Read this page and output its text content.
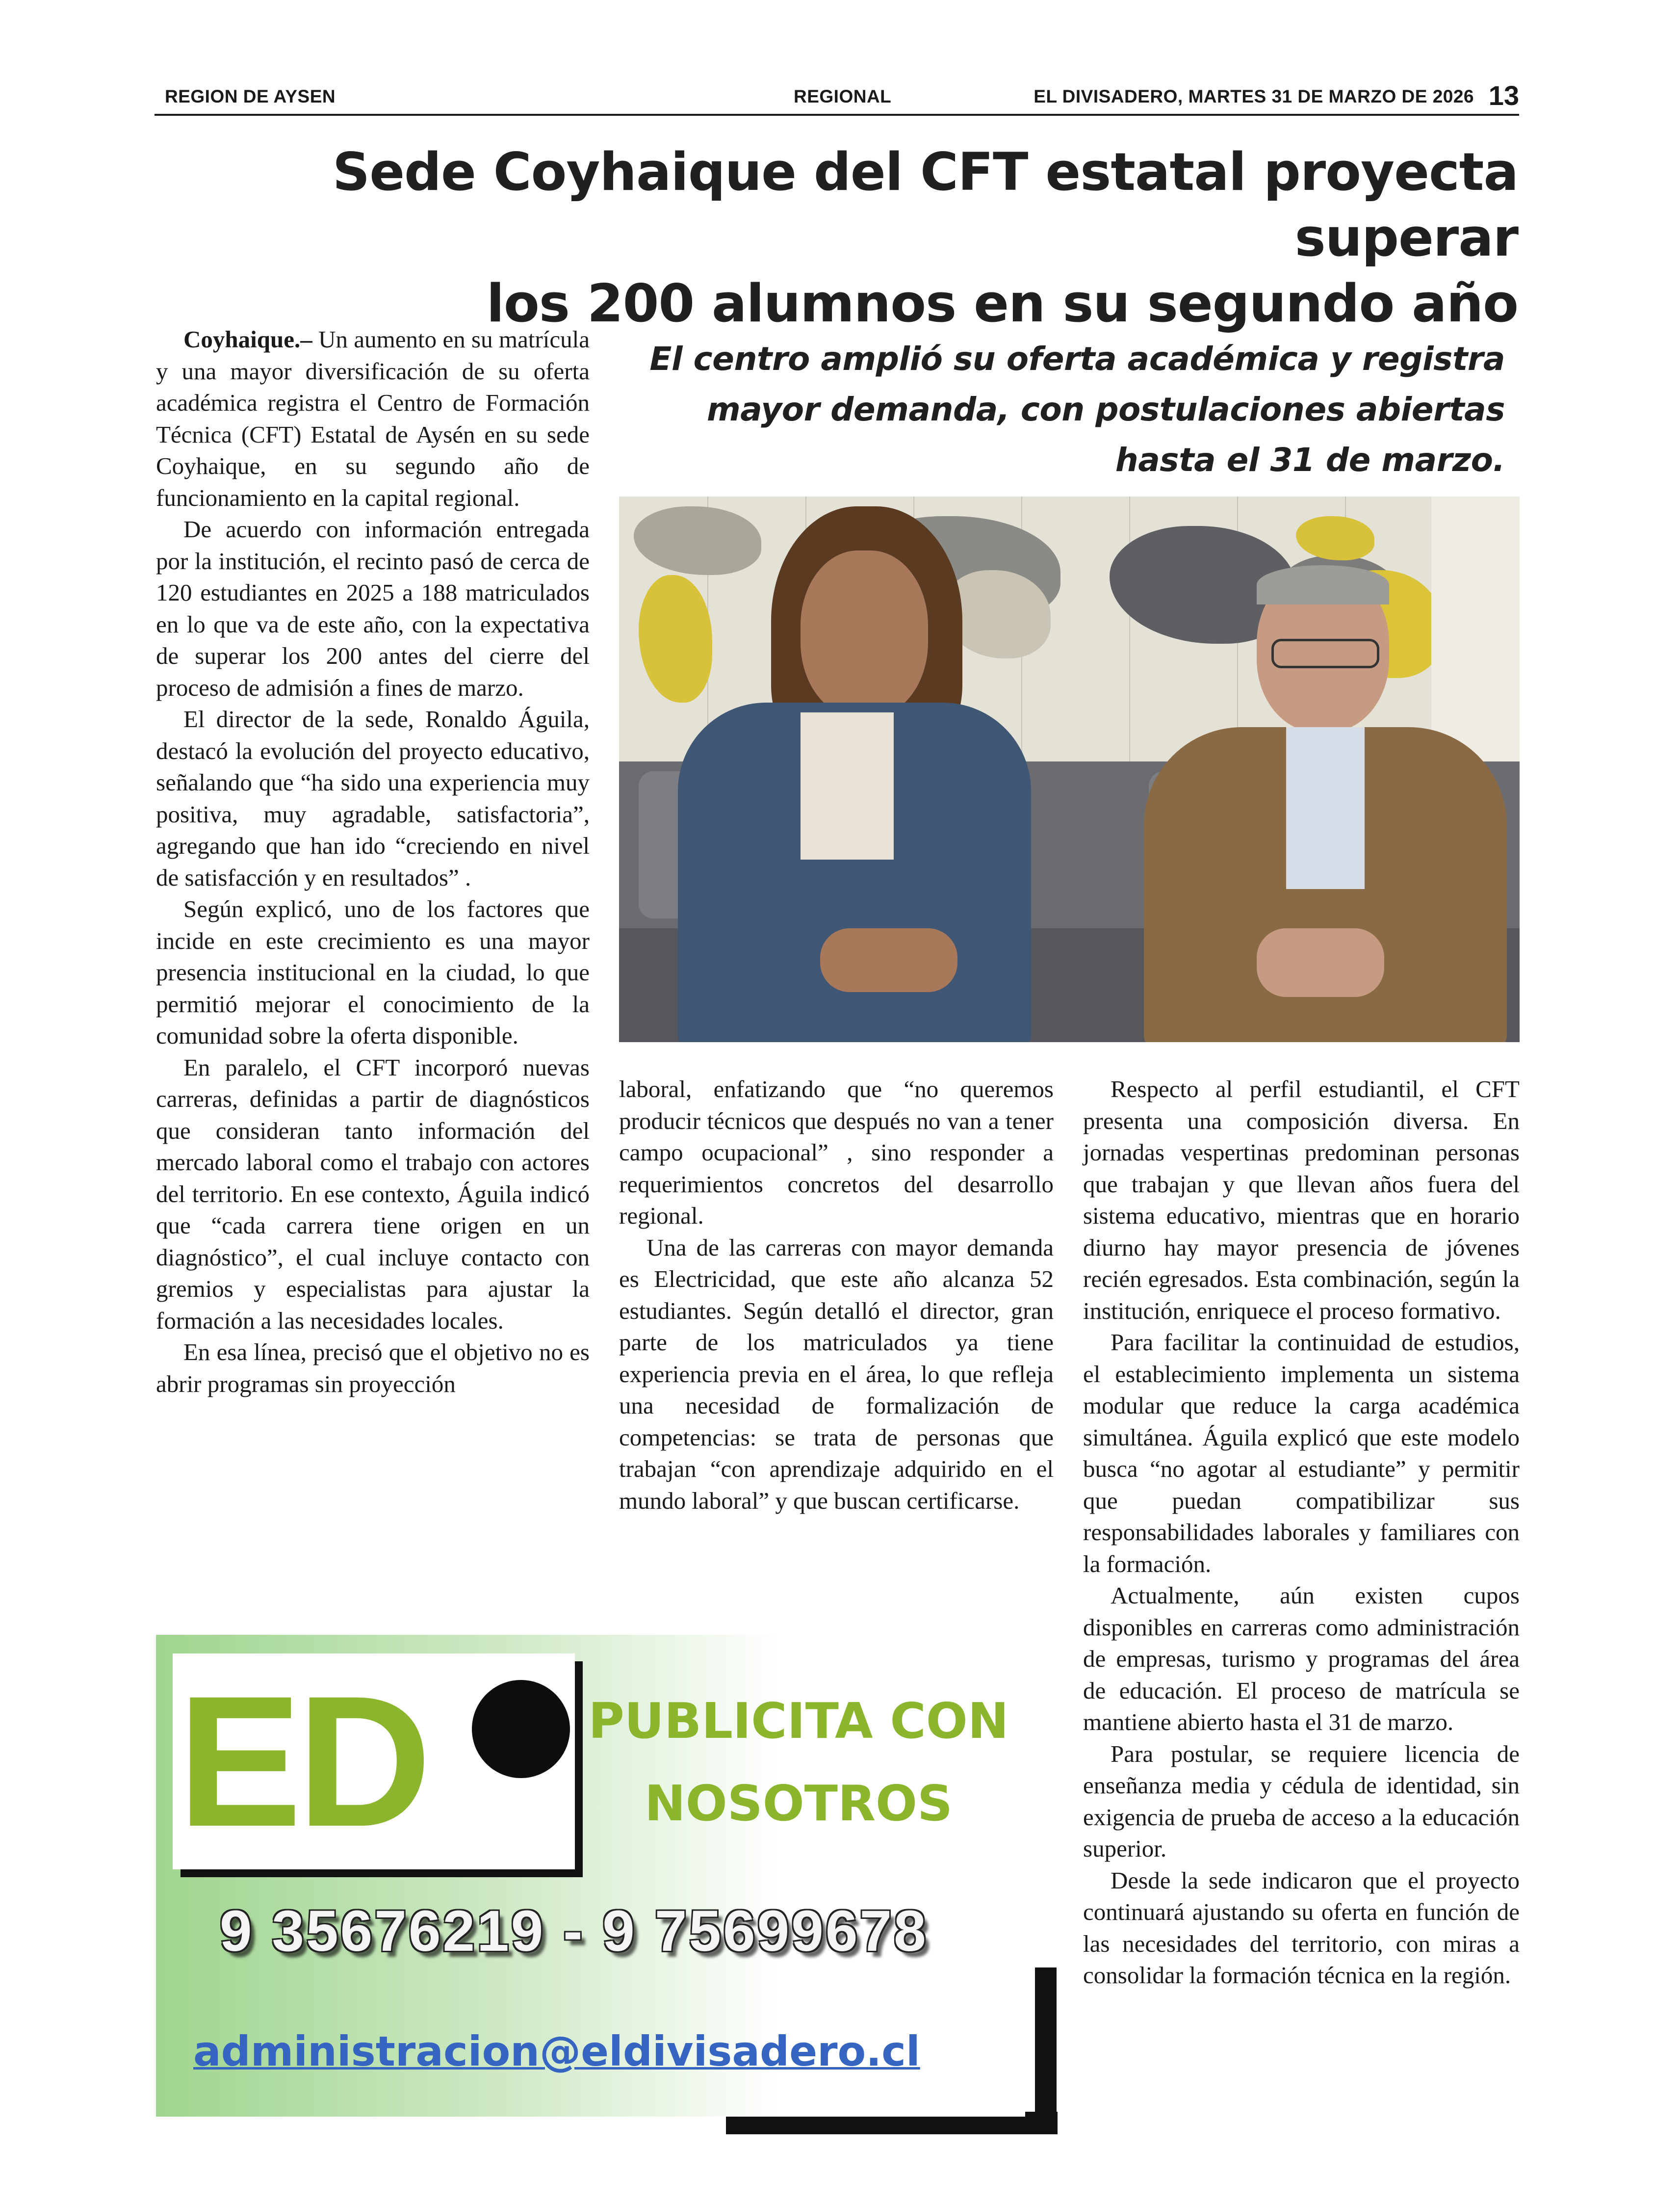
REGION DE AYSEN	REGIONAL	EL DIVISADERO, MARTES 31 DE MARZO DE 2026 13
Sede Coyhaique del CFT estatal proyecta superar
los 200 alumnos en su segundo año
El centro amplió su oferta académica y registra mayor demanda, con postulaciones abiertas hasta el 31 de marzo.

Coyhaique.– Un aumento en su matrícula y una mayor diversificación de su oferta académica registra el Centro de Formación Técnica (CFT) Estatal de Aysén en su sede Coyhaique, en su segundo año de funcionamiento en la capital regional.

De acuerdo con información entregada por la institución, el recinto pasó de cerca de 120 estudiantes en 2025 a 188 matriculados en lo que va de este año, con la expectativa de superar los 200 antes del cierre del proceso de admisión a fines de marzo.

El director de la sede, Ronaldo Águila, destacó la evolución del proyecto educativo, señalando que “ha sido una experiencia muy positiva, muy agradable, satisfactoria”, agregando que han ido “creciendo en nivel de satisfacción y en resultados” .

Según explicó, uno de los factores que incide en este crecimiento es una mayor presencia institucional en la ciudad, lo que permitió mejorar el conocimiento de la comunidad sobre la oferta disponible.

En paralelo, el CFT incorporó nuevas carreras, definidas a partir de diagnósticos que consideran tanto información del mercado laboral como el trabajo con actores del territorio. En ese contexto, Águila indicó que “cada carrera tiene origen en un diagnóstico”, el cual incluye contacto con gremios y especialistas para ajustar la formación a las necesidades locales.

En esa línea, precisó que el objetivo no es abrir programas sin proyección

laboral, enfatizando que “no queremos producir técnicos que después no van a tener campo ocupacional” , sino responder a requerimientos concretos del desarrollo regional.

Una de las carreras con mayor demanda es Electricidad, que este año alcanza 52 estudiantes. Según detalló el director, gran parte de los matriculados ya tiene experiencia previa en el área, lo que refleja una necesidad de formalización de competencias: se trata de personas que trabajan “con aprendizaje adquirido en el mundo laboral” y que buscan certificarse.

Respecto al perfil estudiantil, el CFT presenta una composición diversa. En jornadas vespertinas predominan personas que trabajan y que llevan años fuera del sistema educativo, mientras que en horario diurno hay mayor presencia de jóvenes recién egresados. Esta combinación, según la institución, enriquece el proceso formativo.

Para facilitar la continuidad de estudios, el establecimiento implementa un sistema modular que reduce la carga académica simultánea. Águila explicó que este modelo busca “no agotar al estudiante” y permitir que puedan compatibilizar sus responsabilidades laborales y familiares con la formación.

Actualmente, aún existen cupos disponibles en carreras como administración de empresas, turismo y programas del área de educación. El proceso de matrícula se mantiene abierto hasta el 31 de marzo.

Para postular, se requiere licencia de enseñanza media y cédula de identidad, sin exigencia de prueba de acceso a la educación superior.

Desde la sede indicaron que el proyecto continuará ajustando su oferta en función de las necesidades del territorio, con miras a consolidar la formación técnica en la región.

ED	PUBLICITA CON
NOSOTROS
9 35676219 - 9 75699678
administracion@eldivisadero.cl
